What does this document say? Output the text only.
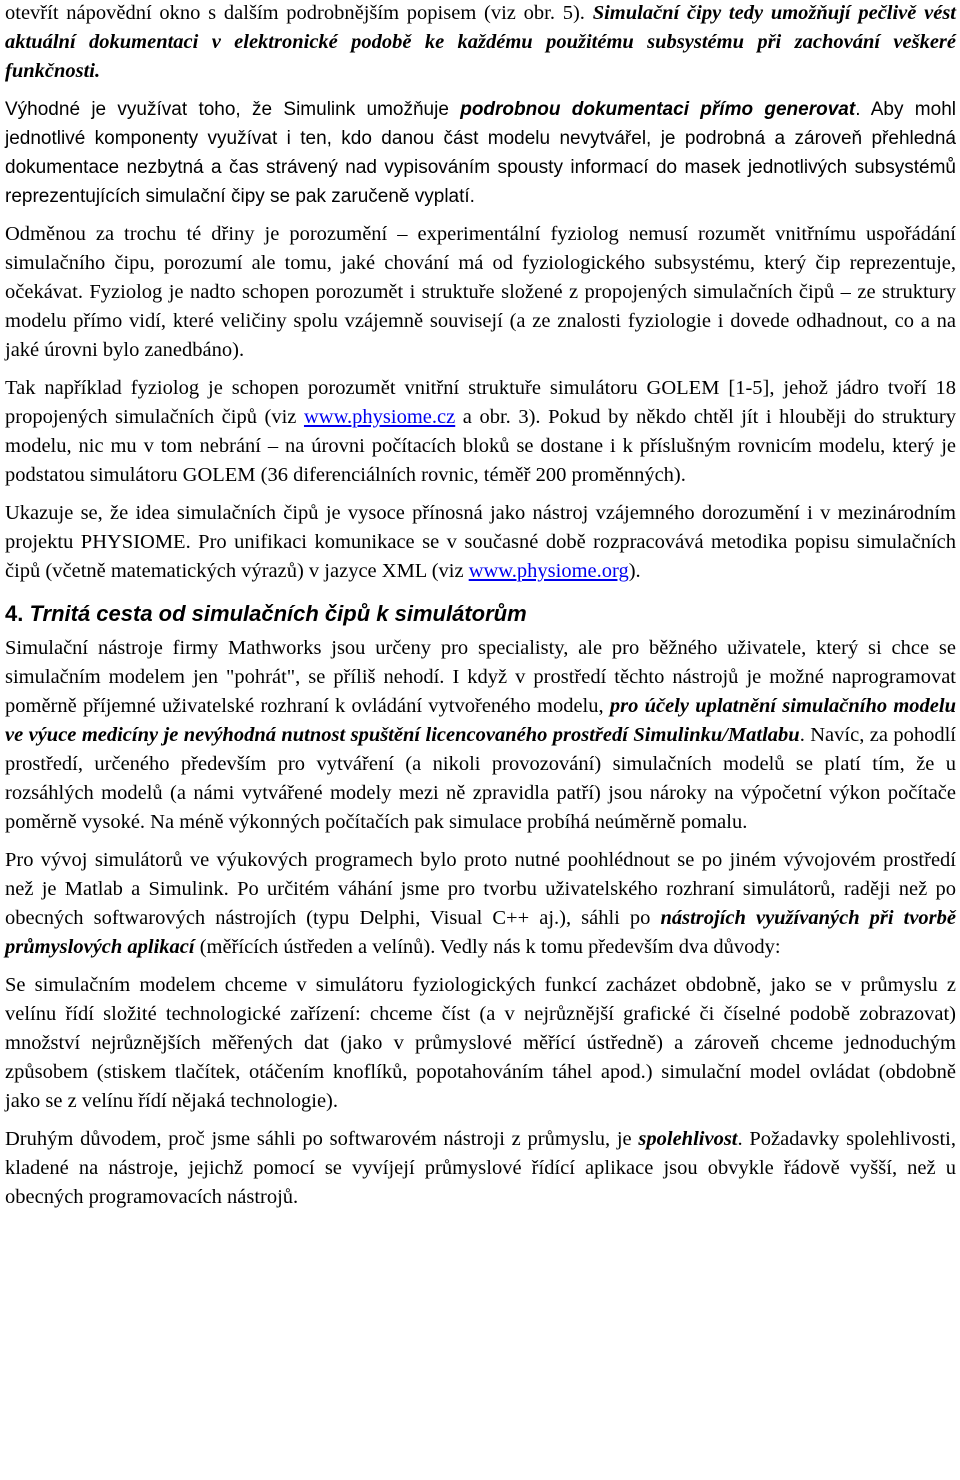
otevřít nápovědní okno s dalším podrobnějším popisem (viz obr. 5). Simulační čipy tedy umožňují pečlivě vést aktuální dokumentaci v elektronické podobě ke každému použitému subsystému při zachování veškeré funkčnosti.

Výhodné je využívat toho, že Simulink umožňuje podrobnou dokumentaci přímo generovat. Aby mohl jednotlivé komponenty využívat i ten, kdo danou část modelu nevytvářel, je podrobná a zároveň přehledná dokumentace nezbytná a čas strávený nad vypisováním spousty informací do masek jednotlivých subsystémů reprezentujících simulační čipy se pak zaručeně vyplatí.

Odměnou za trochu té dřiny je porozumění – experimentální fyziolog nemusí rozumět vnitřnímu uspořádání simulačního čipu, porozumí ale tomu, jaké chování má od fyziologického subsystému, který čip reprezentuje, očekávat. Fyziolog je nadto schopen porozumět i struktuře složené z propojených simulačních čipů – ze struktury modelu přímo vidí, které veličiny spolu vzájemně souvisejí (a ze znalosti fyziologie i dovede odhadnout, co a na jaké úrovni bylo zanedbáno).

Tak například fyziolog je schopen porozumět vnitřní struktuře simulátoru GOLEM [1-5], jehož jádro tvoří 18 propojených simulačních čipů (viz www.physiome.cz a obr. 3). Pokud by někdo chtěl jít i hlouběji do struktury modelu, nic mu v tom nebrání – na úrovni počítacích bloků se dostane i k příslušným rovnicím modelu, který je podstatou simulátoru GOLEM (36 diferenciálních rovnic, téměř 200 proměnných).

Ukazuje se, že idea simulačních čipů je vysoce přínosná jako nástroj vzájemného dorozumění i v mezinárodním projektu PHYSIOME. Pro unifikaci komunikace se v současné době rozpracovává metodika popisu simulačních čipů (včetně matematických výrazů) v jazyce XML (viz www.physiome.org).

4. Trnitá cesta od simulačních čipů k simulátorům

Simulační nástroje firmy Mathworks jsou určeny pro specialisty, ale pro běžného uživatele, který si chce se simulačním modelem jen "pohrát", se příliš nehodí. I když v prostředí těchto nástrojů je možné naprogramovat poměrně příjemné uživatelské rozhraní k ovládání vytvořeného modelu, pro účely uplatnění simulačního modelu ve výuce medicíny je nevýhodná nutnost spuštění licencovaného prostředí Simulinku/Matlabu. Navíc, za pohodlí prostředí, určeného především pro vytváření (a nikoli provozování) simulačních modelů se platí tím, že u rozsáhlých modelů (a námi vytvářené modely mezi ně zpravidla patří) jsou nároky na výpočetní výkon počítače poměrně vysoké. Na méně výkonných počítačích pak simulace probíhá neúměrně pomalu.

Pro vývoj simulátorů ve výukových programech bylo proto nutné poohlédnout se po jiném vývojovém prostředí než je Matlab a Simulink. Po určitém váhání jsme pro tvorbu uživatelského rozhraní simulátorů, raději než po obecných softwarových nástrojích (typu Delphi, Visual C++ aj.), sáhli po nástrojích využívaných při tvorbě průmyslových aplikací (měřících ústředen a velínů). Vedly nás k tomu především dva důvody:

Se simulačním modelem chceme v simulátoru fyziologických funkcí zacházet obdobně, jako se v průmyslu z velínu řídí složité technologické zařízení: chceme číst (a v nejrůznější grafické či číselné podobě zobrazovat) množství nejrůznějších měřených dat (jako v průmyslové měřící ústředně) a zároveň chceme jednoduchým způsobem (stiskem tlačítek, otáčením knoflíků, popotahováním táhel apod.) simulační model ovládat (obdobně jako se z velínu řídí nějaká technologie).

Druhým důvodem, proč jsme sáhli po softwarovém nástroji z průmyslu, je spolehlivost. Požadavky spolehlivosti, kladené na nástroje, jejichž pomocí se vyvíjejí průmyslové řídící aplikace jsou obvykle řádově vyšší, než u obecných programovacích nástrojů.
